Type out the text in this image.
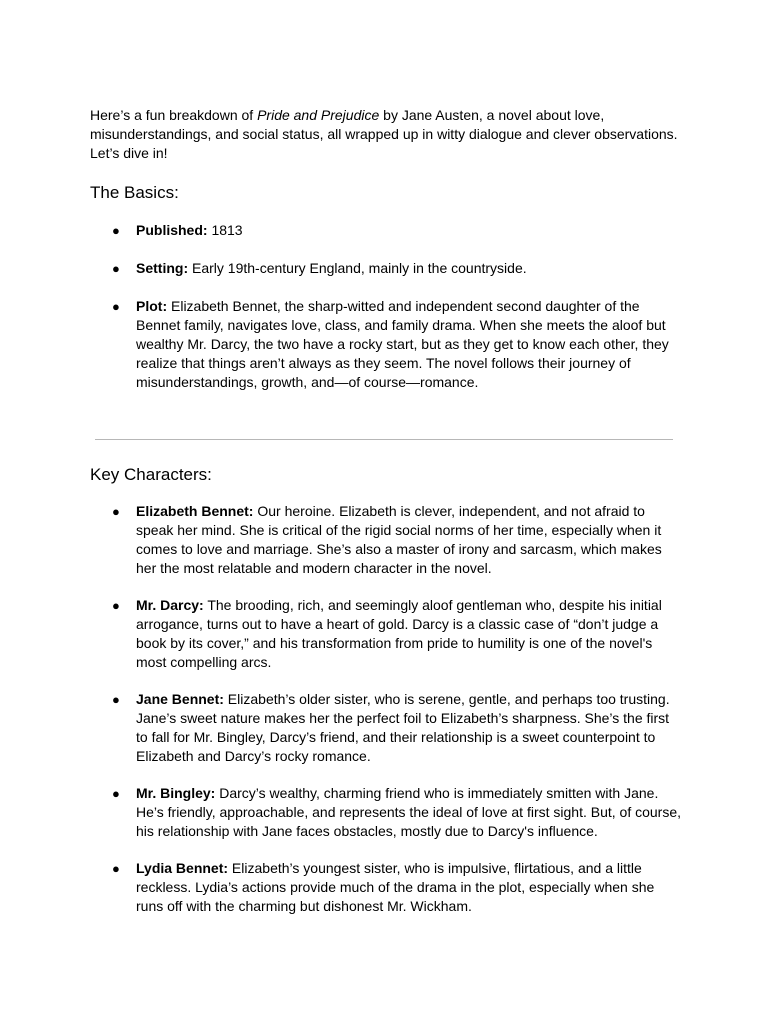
Here’s a fun breakdown of Pride and Prejudice by Jane Austen, a novel about love, misunderstandings, and social status, all wrapped up in witty dialogue and clever observations. Let’s dive in!

The Basics:
● Published: 1813
● Setting: Early 19th-century England, mainly in the countryside.
● Plot: Elizabeth Bennet, the sharp-witted and independent second daughter of the Bennet family, navigates love, class, and family drama. When she meets the aloof but wealthy Mr. Darcy, the two have a rocky start, but as they get to know each other, they realize that things aren’t always as they seem. The novel follows their journey of misunderstandings, growth, and—of course—romance.
Key Characters:
● Elizabeth Bennet: Our heroine. Elizabeth is clever, independent, and not afraid to speak her mind. She is critical of the rigid social norms of her time, especially when it comes to love and marriage. She’s also a master of irony and sarcasm, which makes her the most relatable and modern character in the novel.
● Mr. Darcy: The brooding, rich, and seemingly aloof gentleman who, despite his initial arrogance, turns out to have a heart of gold. Darcy is a classic case of “don’t judge a book by its cover,” and his transformation from pride to humility is one of the novel's most compelling arcs.
● Jane Bennet: Elizabeth’s older sister, who is serene, gentle, and perhaps too trusting. Jane’s sweet nature makes her the perfect foil to Elizabeth’s sharpness. She’s the first to fall for Mr. Bingley, Darcy’s friend, and their relationship is a sweet counterpoint to Elizabeth and Darcy’s rocky romance.
● Mr. Bingley: Darcy’s wealthy, charming friend who is immediately smitten with Jane. He’s friendly, approachable, and represents the ideal of love at first sight. But, of course, his relationship with Jane faces obstacles, mostly due to Darcy's influence.
● Lydia Bennet: Elizabeth’s youngest sister, who is impulsive, flirtatious, and a little reckless. Lydia’s actions provide much of the drama in the plot, especially when she runs off with the charming but dishonest Mr. Wickham.
